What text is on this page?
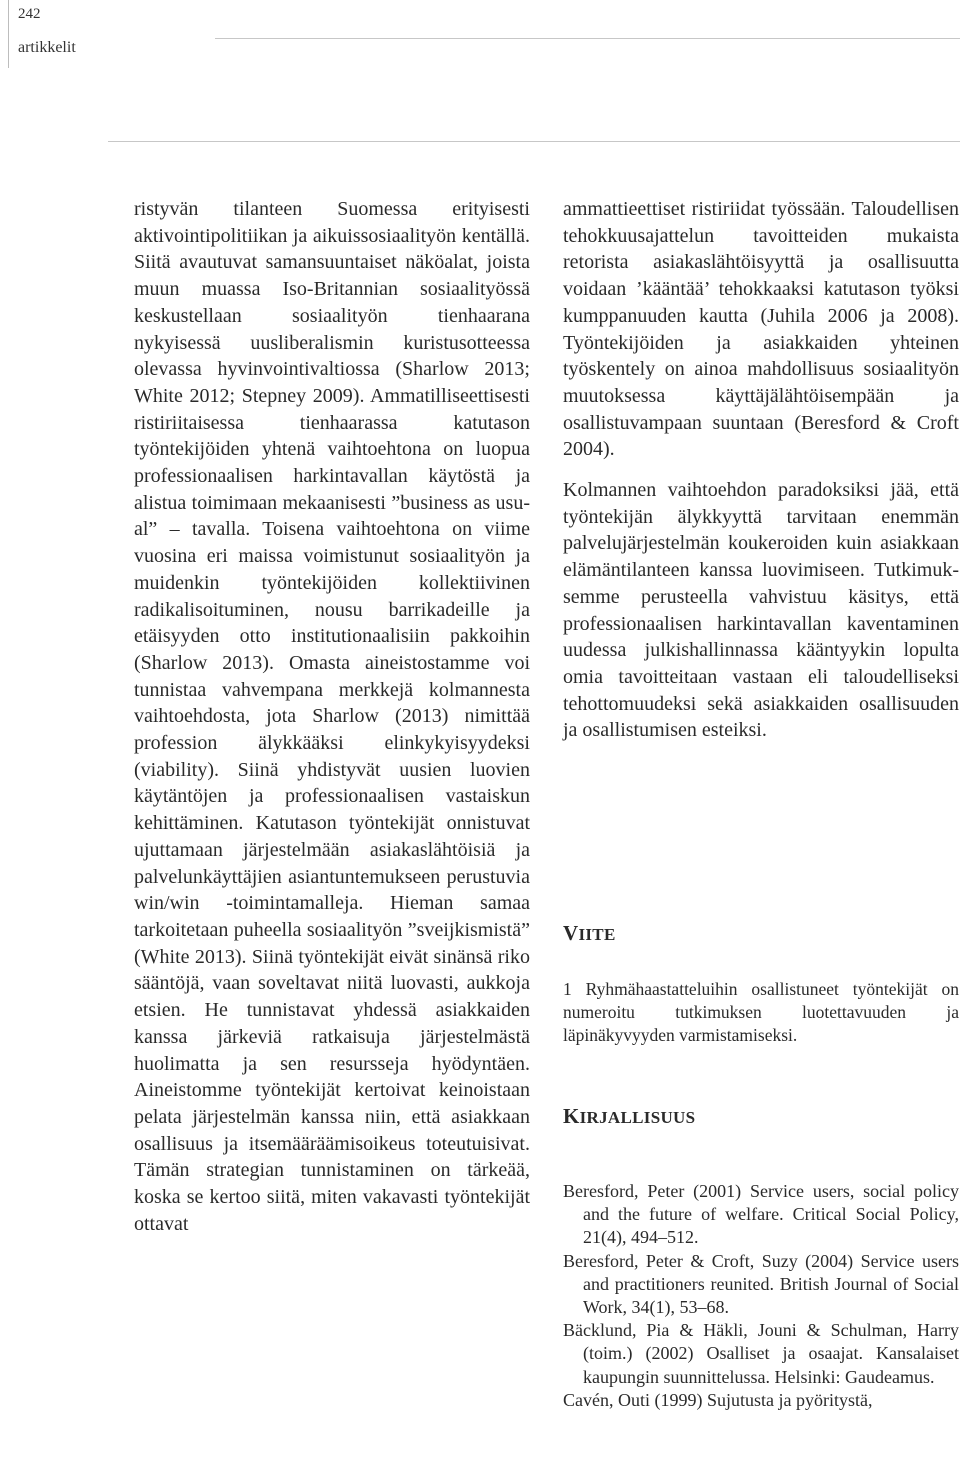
242
artikkelit

ristyvän tilanteen Suomessa erityisesti aktivointipolitiikan ja aikuissosiaalityön kentällä. Siitä avautuvat samansuuntaiset näköalat, joista muun muassa Iso-Britannian sosiaalityössä keskustellaan sosiaalityön tienhaarana nykyisessä uusliberalismin kuristusotteessa olevassa hyvinvointivaltiossa (Sharlow 2013; White 2012; Stepney 2009). Ammatilliseettisesti ristiriitaisessa tienhaarassa katutason työntekijöiden yhtenä vaihtoehtona on luopua professionaalisen harkintavallan käytöstä ja alistua toimimaan mekaanisesti ”business as usual” – tavalla. Toisena vaihtoehtona on viime vuosina eri maissa voimistunut sosiaalityön ja muidenkin työntekijöiden kollektiivinen radikalisoituminen, nousu barrikadeille ja etäisyyden otto institutionaalisiin pakkoihin (Sharlow 2013). Omasta aineistostamme voi tunnistaa vahvempana merkkejä kolmannesta vaihtoehdosta, jota Sharlow (2013) nimittää profession älykkääksi elinkykyisyydeksi (viability). Siinä yhdistyvät uusien luovien käytäntöjen ja professionaalisen vastaiskun kehittäminen. Katutason työntekijät onnistuvat ujuttamaan järjestelmään asiakaslähtöisiä ja palvelunkäyttäjien asiantuntemukseen perustuvia win/win -toimintamalleja. Hieman samaa tarkoitetaan puheella sosiaalityön ”sveijkismistä” (White 2013). Siinä työntekijät eivät sinänsä riko sääntöjä, vaan soveltavat niitä luovasti, aukkoja etsien. He tunnistavat yhdessä asiakkaiden kanssa järkeviä ratkaisuja järjestelmästä huolimatta ja sen resursseja hyödyntäen. Aineistomme työntekijät kertoivat keinoistaan pelata järjestelmän kanssa niin, että asiakkaan osallisuus ja itsemääräämisoikeus toteutuisivat. Tämän strategian tunnistaminen on tärkeää, koska se kertoo siitä, miten vakavasti työntekijät ottavat

ammattieettiset ristiriidat työssään. Taloudellisen tehokkuusajattelun tavoitteiden mukaista retorista asiakaslähtöisyyttä ja osallisuutta voidaan ’kääntää’ tehokkaaksi katutason työksi kumppanuuden kautta (Juhila 2006 ja 2008). Työntekijöiden ja asiakkaiden yhteinen työskentely on ainoa mahdollisuus sosiaalityön muutoksessa käyttäjälähtöisempään ja osallistuvampaan suuntaan (Beresford & Croft 2004).

Kolmannen vaihtoehdon paradoksiksi jää, että työntekijän älykkyyttä tarvitaan enemmän palvelujärjestelmän koukeroiden kuin asiakkaan elämäntilanteen kanssa luovimiseen. Tutkimuksemme perusteella vahvistuu käsitys, että professionaalisen harkintavallan kaventaminen uudessa julkishallinnassa kääntyykin lopulta omia tavoitteitaan vastaan eli taloudelliseksi tehottomuudeksi sekä asiakkaiden osallisuuden ja osallistumisen esteiksi.

VIITE

1 Ryhmähaastatteluihin osallistuneet työntekijät on numeroitu tutkimuksen luotettavuuden ja läpinäkyvyyden varmistamiseksi.

KIRJALLISUUS

Beresford, Peter (2001) Service users, social policy and the future of welfare. Critical Social Policy, 21(4), 494–512.

Beresford, Peter & Croft, Suzy (2004) Service users and practitioners reunited. British Journal of Social Work, 34(1), 53–68.

Bäcklund, Pia & Häkli, Jouni & Schulman, Harry (toim.) (2002) Osalliset ja osaajat. Kansalaiset kaupungin suunnittelussa. Helsinki: Gaudeamus.

Cavén, Outi (1999) Sujutusta ja pyöritystä,
